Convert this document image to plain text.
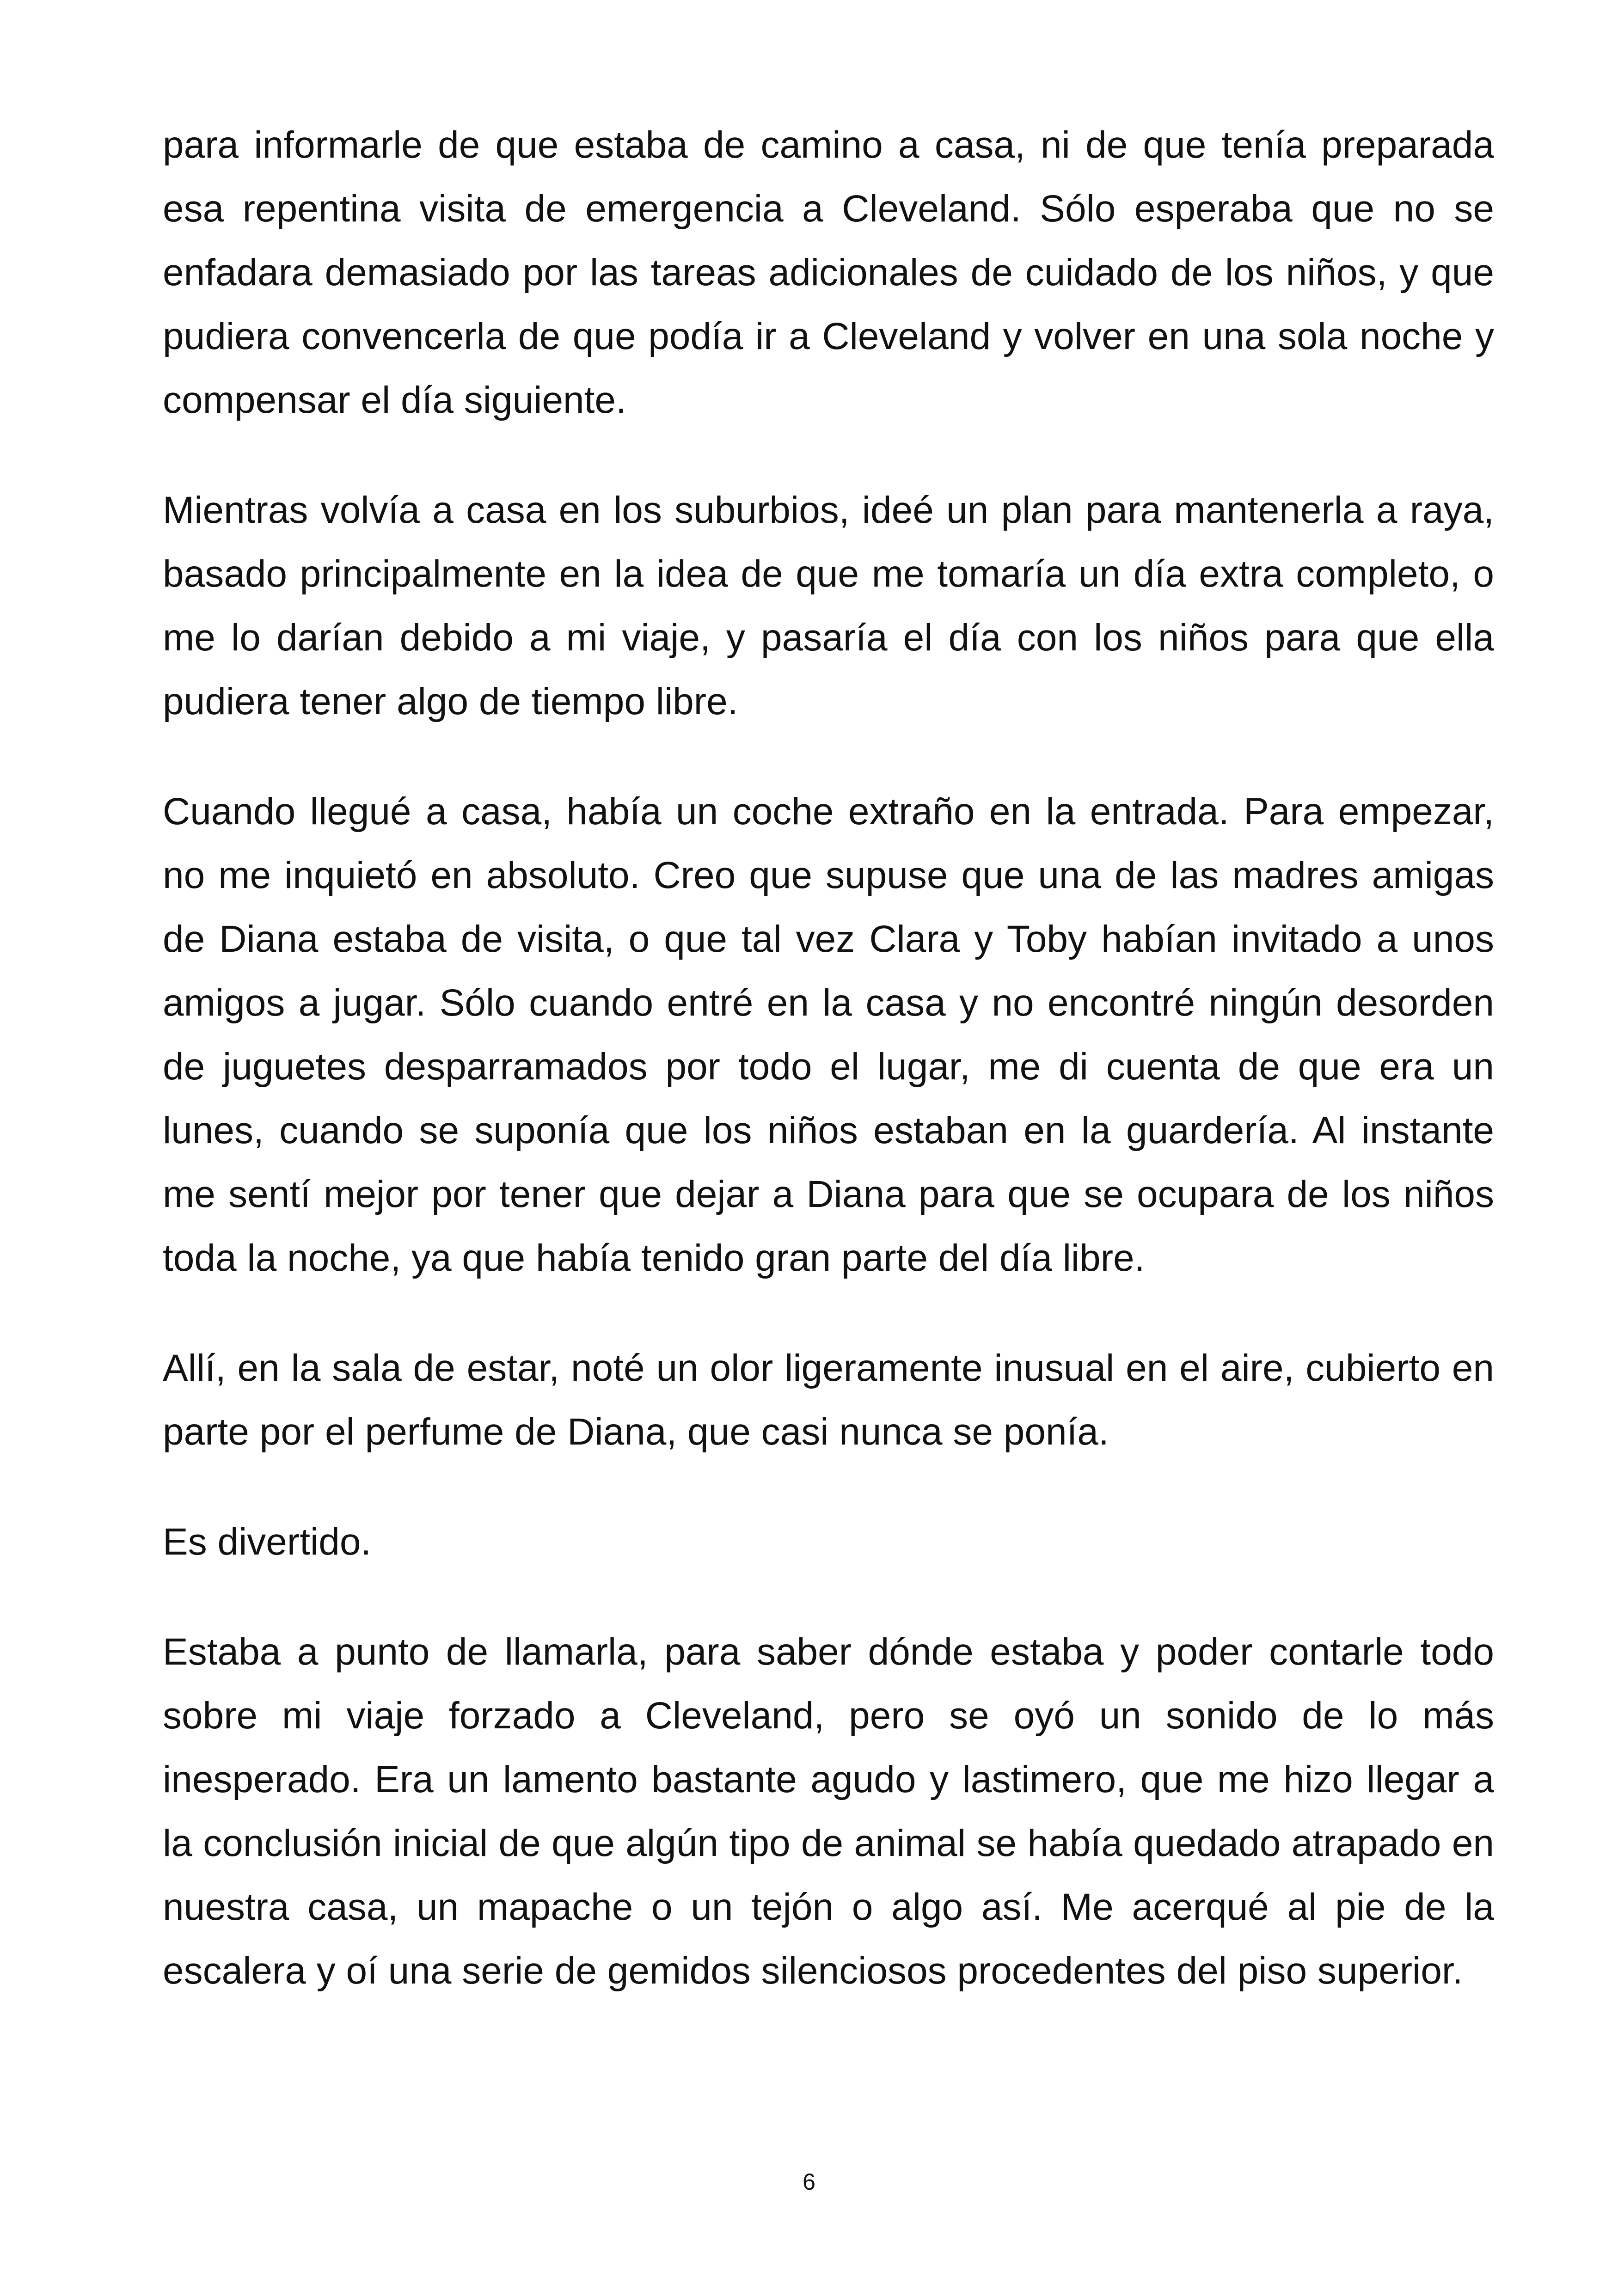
para informarle de que estaba de camino a casa, ni de que tenía preparada esa repentina visita de emergencia a Cleveland. Sólo esperaba que no se enfadara demasiado por las tareas adicionales de cuidado de los niños, y que pudiera convencerla de que podía ir a Cleveland y volver en una sola noche y compensar el día siguiente.

Mientras volvía a casa en los suburbios, ideé un plan para mantenerla a raya, basado principalmente en la idea de que me tomaría un día extra completo, o me lo darían debido a mi viaje, y pasaría el día con los niños para que ella pudiera tener algo de tiempo libre.

Cuando llegué a casa, había un coche extraño en la entrada. Para empezar, no me inquietó en absoluto. Creo que supuse que una de las madres amigas de Diana estaba de visita, o que tal vez Clara y Toby habían invitado a unos amigos a jugar. Sólo cuando entré en la casa y no encontré ningún desorden de juguetes desparramados por todo el lugar, me di cuenta de que era un lunes, cuando se suponía que los niños estaban en la guardería. Al instante me sentí mejor por tener que dejar a Diana para que se ocupara de los niños toda la noche, ya que había tenido gran parte del día libre.

Allí, en la sala de estar, noté un olor ligeramente inusual en el aire, cubierto en parte por el perfume de Diana, que casi nunca se ponía.

Es divertido.

Estaba a punto de llamarla, para saber dónde estaba y poder contarle todo sobre mi viaje forzado a Cleveland, pero se oyó un sonido de lo más inesperado. Era un lamento bastante agudo y lastimero, que me hizo llegar a la conclusión inicial de que algún tipo de animal se había quedado atrapado en nuestra casa, un mapache o un tejón o algo así. Me acerqué al pie de la escalera y oí una serie de gemidos silenciosos procedentes del piso superior.

6
